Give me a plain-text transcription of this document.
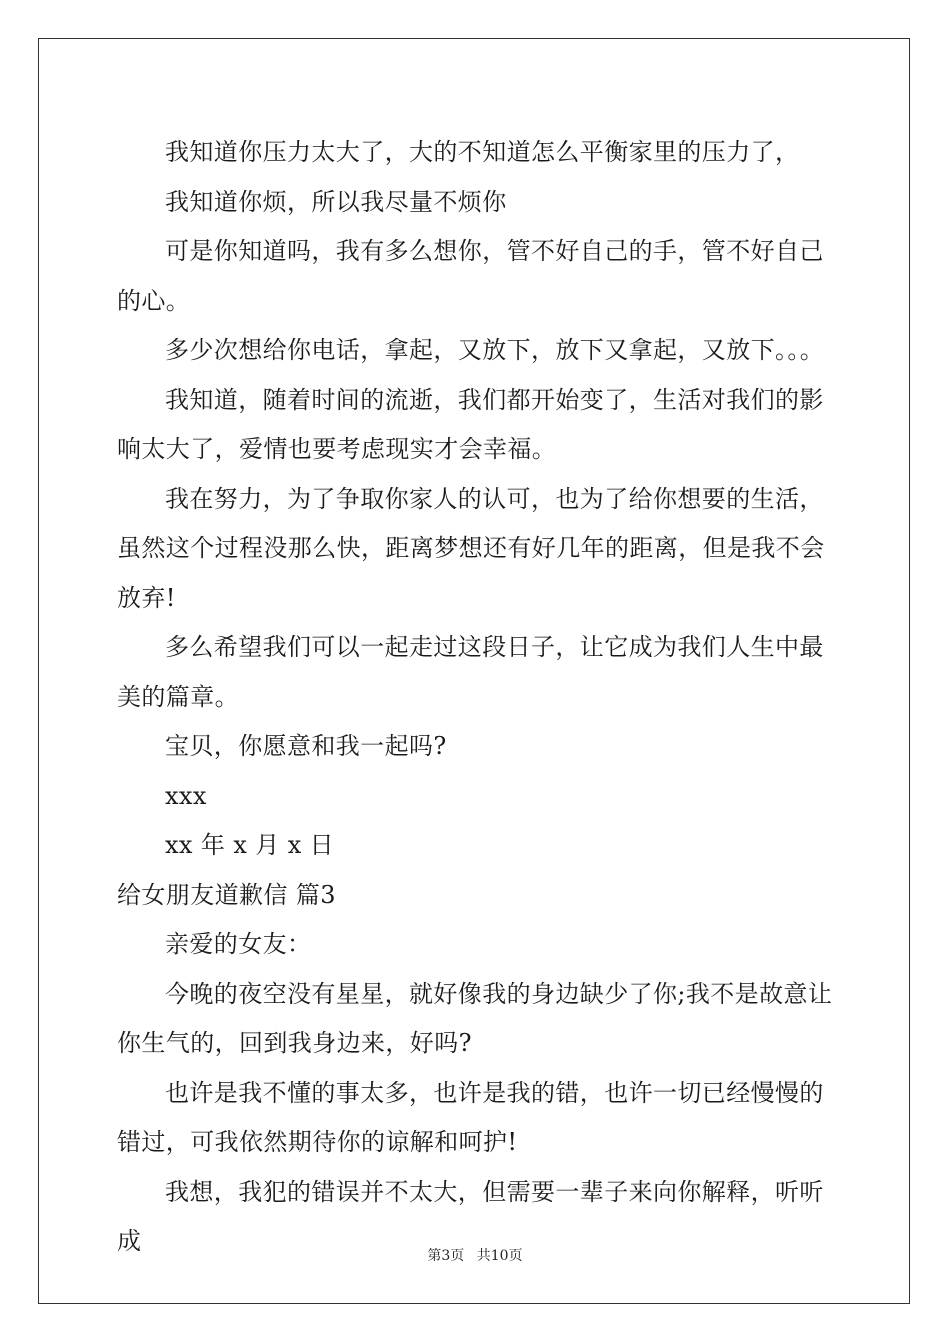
我知道你压力太大了，大的不知道怎么平衡家里的压力了，

我知道你烦，所以我尽量不烦你

可是你知道吗，我有多么想你，管不好自己的手，管不好自己的心。

多少次想给你电话，拿起，又放下，放下又拿起，又放下。。。

我知道，随着时间的流逝，我们都开始变了，生活对我们的影响太大了，爱情也要考虑现实才会幸福。

我在努力，为了争取你家人的认可，也为了给你想要的生活，虽然这个过程没那么快，距离梦想还有好几年的距离，但是我不会放弃!

多么希望我们可以一起走过这段日子，让它成为我们人生中最美的篇章。

宝贝，你愿意和我一起吗?

xxx

xx 年 x 月 x 日

给女朋友道歉信 篇3

亲爱的女友：

今晚的夜空没有星星，就好像我的身边缺少了你;我不是故意让你生气的，回到我身边来，好吗?

也许是我不懂的事太多，也许是我的错，也许一切已经慢慢的错过，可我依然期待你的谅解和呵护!

我想，我犯的错误并不太大，但需要一辈子来向你解释，听听成

第3页 共10页
